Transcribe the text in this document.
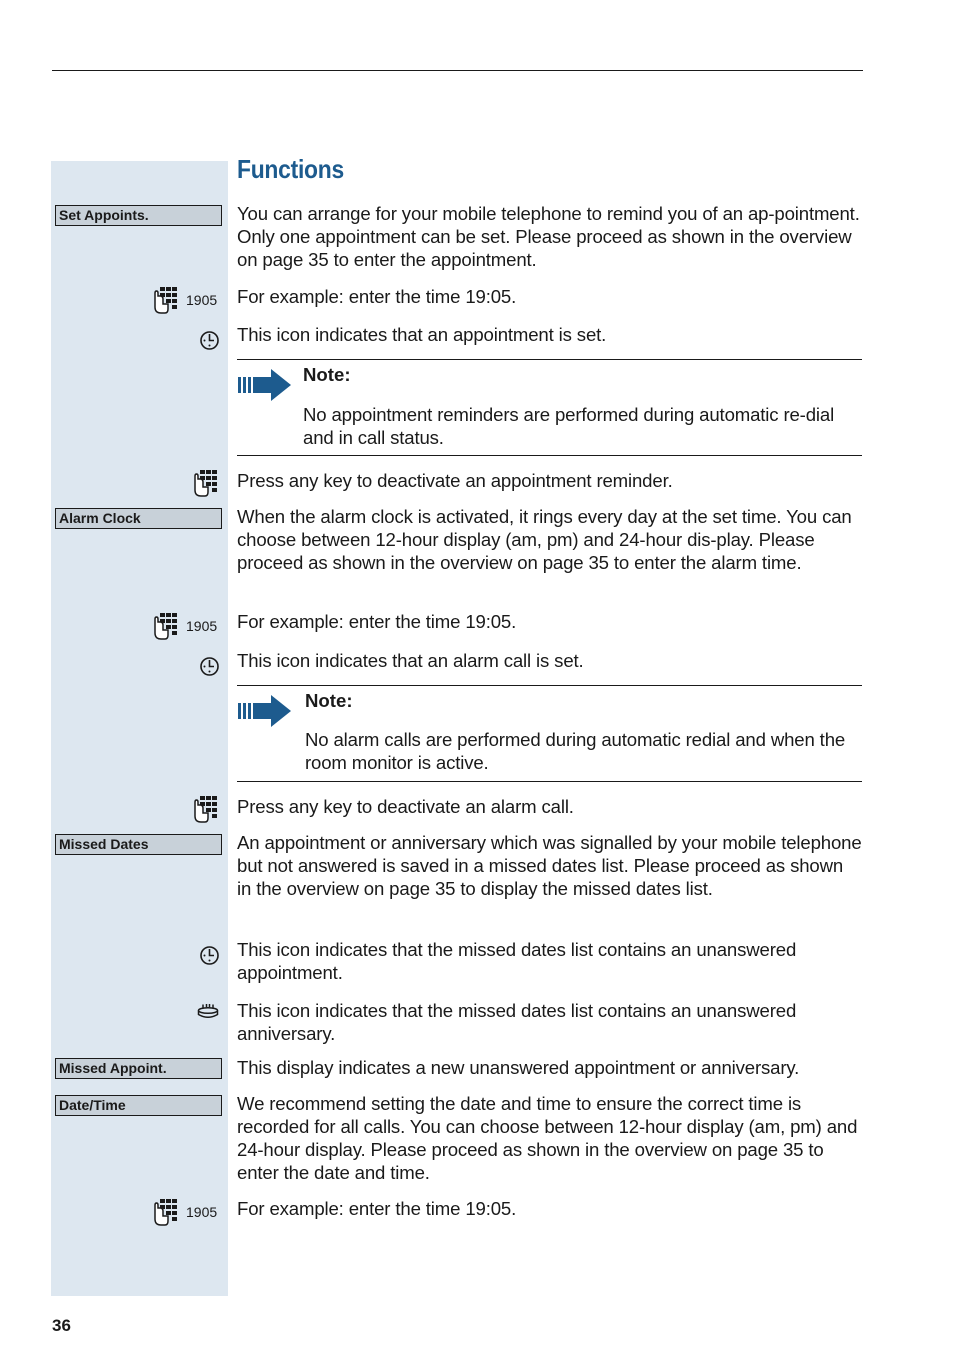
Functions
Set Appoints.	You can arrange for your mobile telephone to remind you of an ap-pointment. Only one appointment can be set. Please proceed as shown in the overview on page 35 to enter the appointment.

1905 For example: enter the time 19:05.

This icon indicates that an appointment is set.

Note:

No appointment reminders are performed during automatic re-dial and in call status.

Press any key to deactivate an appointment reminder.

Alarm Clock	When the alarm clock is activated, it rings every day at the set time. You can choose between 12-hour display (am, pm) and 24-hour dis-play. Please proceed as shown in the overview on page 35 to enter the alarm time.

1905 For example: enter the time 19:05.

This icon indicates that an alarm call is set.

Note:

No alarm calls are performed during automatic redial and when the room monitor is active.

Press any key to deactivate an alarm call.

Missed Dates	An appointment or anniversary which was signalled by your mobile telephone but not answered is saved in a missed dates list. Please proceed as shown in the overview on page 35 to display the missed dates list.

This icon indicates that the missed dates list contains an unanswered appointment.

This icon indicates that the missed dates list contains an unanswered anniversary.

Missed Appoint.	This display indicates a new unanswered appointment or anniversary.

Date/Time	We recommend setting the date and time to ensure the correct time is recorded for all calls. You can choose between 12-hour display (am, pm) and 24-hour display. Please proceed as shown in the overview on page 35 to enter the date and time.

1905 For example: enter the time 19:05.

36
